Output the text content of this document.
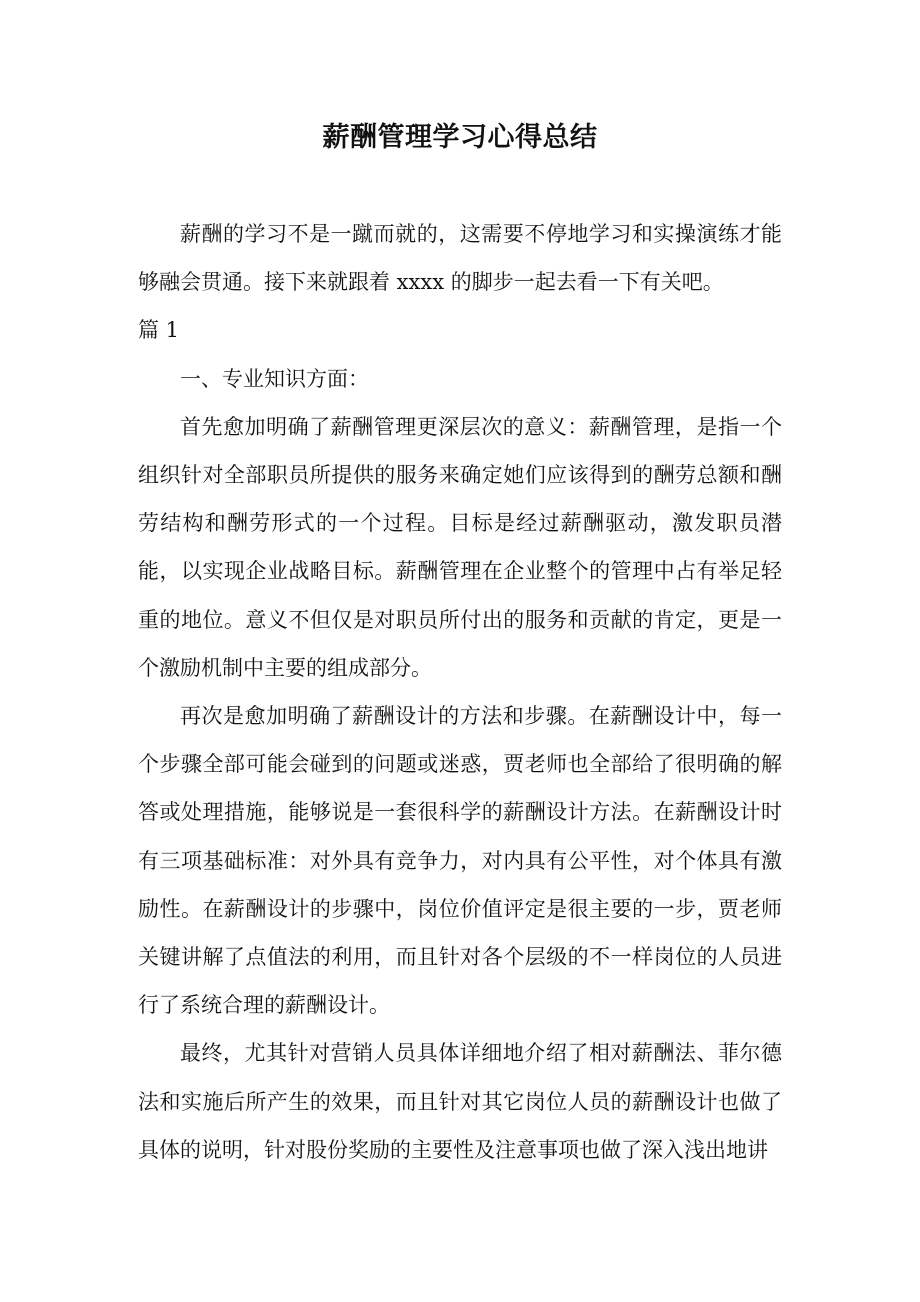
薪酬管理学习心得总结

薪酬的学习不是一蹴而就的，这需要不停地学习和实操演练才能够融会贯通。接下来就跟着 xxxx 的脚步一起去看一下有关吧。

篇 1

一、专业知识方面：

首先愈加明确了薪酬管理更深层次的意义：薪酬管理，是指一个组织针对全部职员所提供的服务来确定她们应该得到的酬劳总额和酬劳结构和酬劳形式的一个过程。目标是经过薪酬驱动，激发职员潜能，以实现企业战略目标。薪酬管理在企业整个的管理中占有举足轻重的地位。意义不但仅是对职员所付出的服务和贡献的肯定，更是一个激励机制中主要的组成部分。

再次是愈加明确了薪酬设计的方法和步骤。在薪酬设计中，每一个步骤全部可能会碰到的问题或迷惑，贾老师也全部给了很明确的解答或处理措施，能够说是一套很科学的薪酬设计方法。在薪酬设计时有三项基础标准：对外具有竞争力，对内具有公平性，对个体具有激励性。在薪酬设计的步骤中，岗位价值评定是很主要的一步，贾老师关键讲解了点值法的利用，而且针对各个层级的不一样岗位的人员进行了系统合理的薪酬设计。

最终，尤其针对营销人员具体详细地介绍了相对薪酬法、菲尔德法和实施后所产生的效果，而且针对其它岗位人员的薪酬设计也做了具体的说明，针对股份奖励的主要性及注意事项也做了深入浅出地讲
